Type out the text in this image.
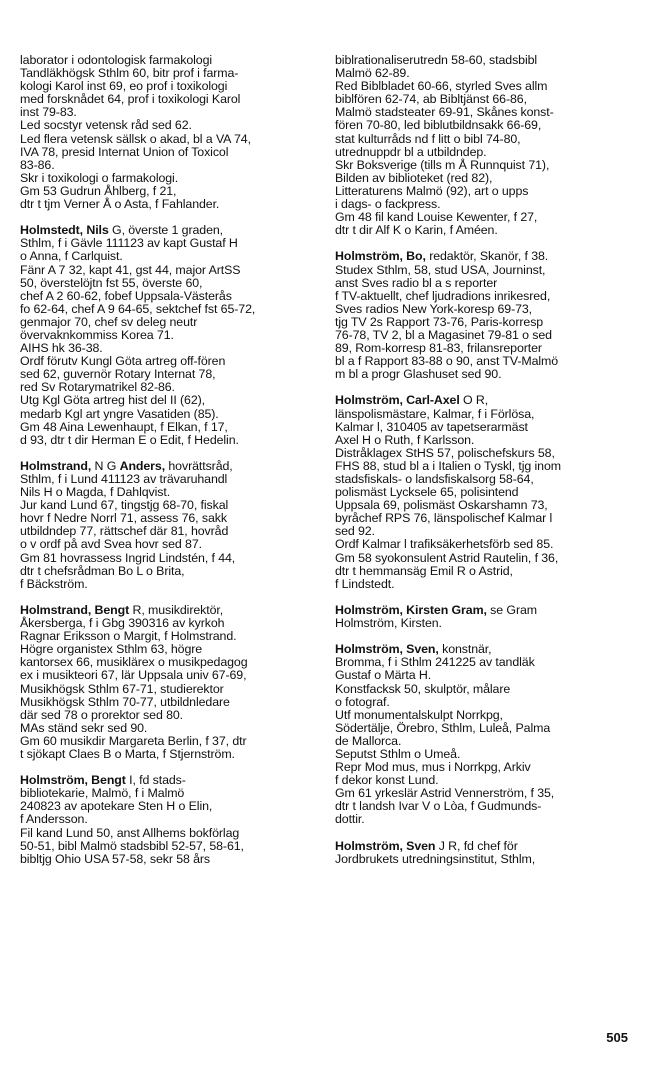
laborator i odontologisk farmakologi
Tandläkhögsk Sthlm 60, bitr prof i farma-
kologi Karol inst 69, eo prof i toxikologi
med forsknådet 64, prof i toxikologi Karol
inst 79-83.
Led socstyr vetensk råd sed 62.
Led flera vetensk sällsk o akad, bl a VA 74,
IVA 78, presid Internat Union of Toxicol
83-86.
Skr i toxikologi o farmakologi.
Gm 53 Gudrun Åhlberg, f 21,
dtr t tjm Verner Å o Asta, f Fahlander.
Holmstedt, Nils G, överste 1 graden,
Sthlm, f i Gävle 111123 av kapt Gustaf H
o Anna, f Carlquist.
Fänr A 7 32, kapt 41, gst 44, major ArtSS
50, överstelöjtn fst 55, överste 60,
chef A 2 60-62, fobef Uppsala-Västerås
fo 62-64, chef A 9 64-65, sektchef fst 65-72,
genmajor 70, chef sv deleg neutr
övervaknkommiss Korea 71.
AIHS hk 36-38.
Ordf förutv Kungl Göta artreg off-fören
sed 62, guvernör Rotary Internat 78,
red Sv Rotarymatrikel 82-86.
Utg Kgl Göta artreg hist del II (62),
medarb Kgl art yngre Vasatiden (85).
Gm 48 Aina Lewenhaupt, f Elkan, f 17,
d 93, dtr t dir Herman E o Edit, f Hedelin.
Holmstrand, N G Anders, hovrättsråd,
Sthlm, f i Lund 411123 av trävaruhandl
Nils H o Magda, f Dahlqvist.
Jur kand Lund 67, tingstjg 68-70, fiskal
hovr f Nedre Norrl 71, assess 76, sakk
utbildndep 77, rättschef där 81, hovråd
o v ordf på avd Svea hovr sed 87.
Gm 81 hovrassess Ingrid Lindstén, f 44,
dtr t chefsrådman Bo L o Brita,
f Bäckström.
Holmstrand, Bengt R, musikdirektör,
Åkersberga, f i Gbg 390316 av kyrkoh
Ragnar Eriksson o Margit, f Holmstrand.
Högre organistex Sthlm 63, högre
kantorsex 66, musiklärex o musikpedagog
ex i musikteori 67, lär Uppsala univ 67-69,
Musikhögsk Sthlm 67-71, studierektor
Musikhögsk Sthlm 70-77, utbildnledare
där sed 78 o prorektor sed 80.
MAs ständ sekr sed 90.
Gm 60 musikdir Margareta Berlin, f 37, dtr
t sjökapt Claes B o Marta, f Stjernström.
Holmström, Bengt I, fd stads-
bibliotekarie, Malmö, f i Malmö
240823 av apotekare Sten H o Elin,
f Andersson.
Fil kand Lund 50, anst Allhems bokförlag
50-51, bibl Malmö stadsbibl 52-57, 58-61,
bibltjg Ohio USA 57-58, sekr 58 års
biblrationaliserutredn 58-60, stadsbibl
Malmö 62-89.
Red Biblbladet 60-66, styrled Sves allm
biblfören 62-74, ab Bibltjänst 66-86,
Malmö stadsteater 69-91, Skånes konst-
fören 70-80, led biblutbildnsakk 66-69,
stat kulturråds nd f litt o bibl 74-80,
utrednuppdr bl a utbildndep.
Skr Boksverige (tills m Å Runnquist 71),
Bilden av biblioteket (red 82),
Litteraturens Malmö (92), art o upps
i dags- o fackpress.
Gm 48 fil kand Louise Kewenter, f 27,
dtr t dir Alf K o Karin, f Améen.
Holmström, Bo, redaktör, Skanör, f 38.
Studex Sthlm, 58, stud USA, Journinst,
anst Sves radio bl a s reporter
f TV-aktuellt, chef ljudradions inrikesred,
Sves radios New York-koresp 69-73,
tjg TV 2s Rapport 73-76, Paris-korresp
76-78, TV 2, bl a Magasinet 79-81 o sed
89, Rom-korresp 81-83, frilansreporter
bl a f Rapport 83-88 o 90, anst TV-Malmö
m bl a progr Glashuset sed 90.
Holmström, Carl-Axel O R,
länspolismästare, Kalmar, f i Förlösa,
Kalmar l, 310405 av tapetserarmäst
Axel H o Ruth, f Karlsson.
Distråklagex StHS 57, polischefskurs 58,
FHS 88, stud bl a i Italien o Tyskl, tjg inom
stadsfiskals- o landsfiskalsorg 58-64,
polismäst Lycksele 65, polisintend
Uppsala 69, polismäst Oskarshamn 73,
byråchef RPS 76, länspolischef Kalmar l
sed 92.
Ordf Kalmar l trafiksäkerhetsförb sed 85.
Gm 58 syokonsulent Astrid Rautelin, f 36,
dtr t hemmansäg Emil R o Astrid,
f Lindstedt.
Holmström, Kirsten Gram, se Gram
Holmström, Kirsten.
Holmström, Sven, konstnär,
Bromma, f i Sthlm 241225 av tandläk
Gustaf o Märta H.
Konstfacksk 50, skulptör, målare
o fotograf.
Utf monumentalskulpt Norrkpg,
Södertälje, Örebro, Sthlm, Luleå, Palma
de Mallorca.
Seputst Sthlm o Umeå.
Repr Mod mus, mus i Norrkpg, Arkiv
f dekor konst Lund.
Gm 61 yrkeslär Astrid Vennerström, f 35,
dtr t landsh Ivar V o Lòa, f Gudmunds-
dottir.
Holmström, Sven J R, fd chef för
Jordbrukets utredningsinstitut, Sthlm,
505
